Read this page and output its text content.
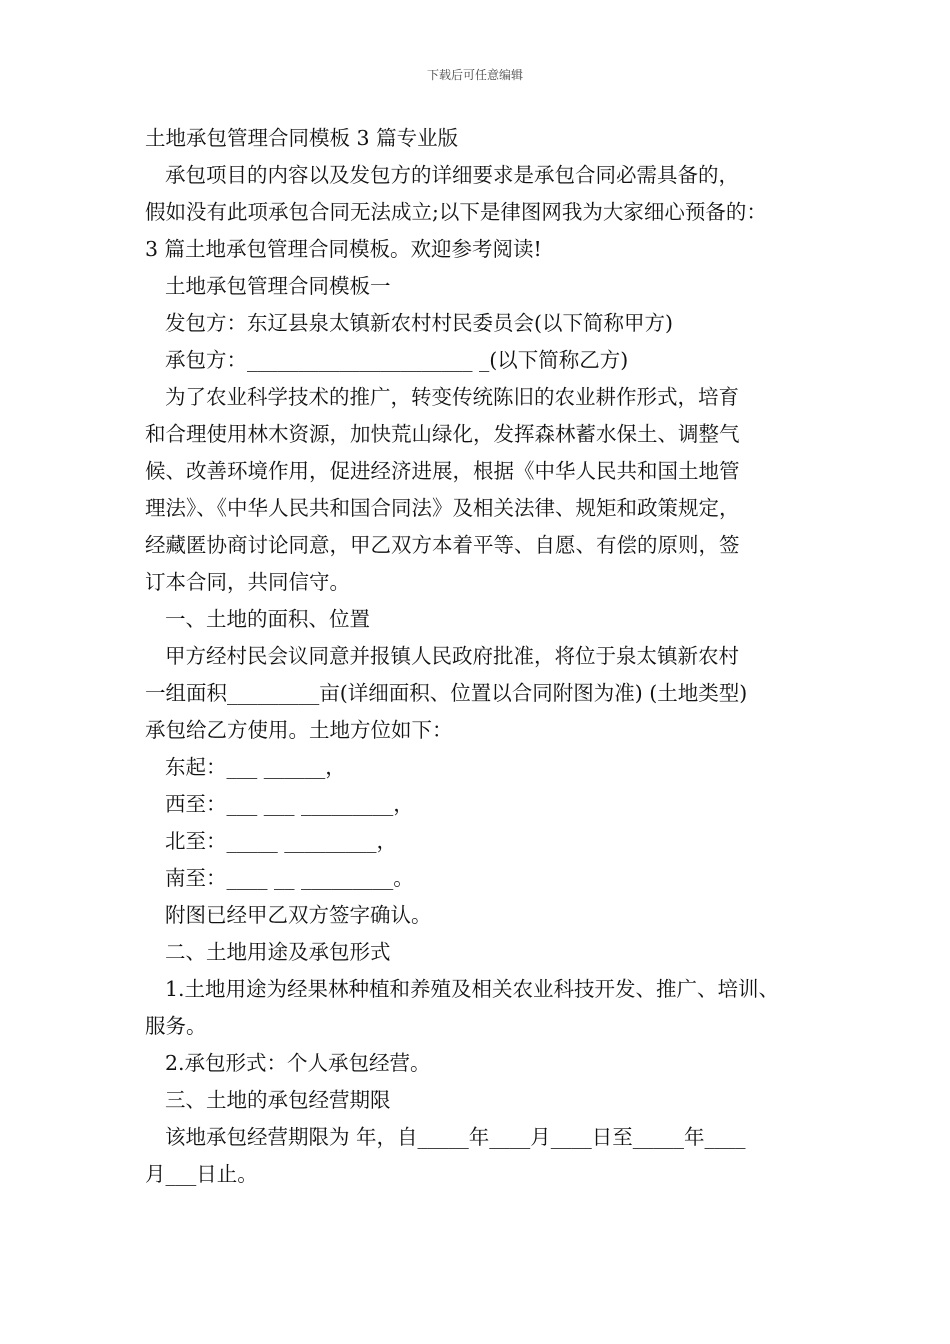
下载后可任意编辑

土地承包管理合同模板 3 篇专业版

承包项目的内容以及发包方的详细要求是承包合同必需具备的，

假如没有此项承包合同无法成立;以下是律图网我为大家细心预备的：

3 篇土地承包管理合同模板。欢迎参考阅读!

土地承包管理合同模板一

发包方：东辽县泉太镇新农村村民委员会(以下简称甲方)

承包方：______________________ _(以下简称乙方)

为了农业科学技术的推广，转变传统陈旧的农业耕作形式，培育

和合理使用林木资源，加快荒山绿化，发挥森林蓄水保土、调整气

候、改善环境作用，促进经济进展，根据《中华人民共和国土地管

理法》、《中华人民共和国合同法》及相关法律、规矩和政策规定，

经藏匿协商讨论同意，甲乙双方本着平等、自愿、有偿的原则，签

订本合同，共同信守。

一、土地的面积、位置

甲方经村民会议同意并报镇人民政府批准，将位于泉太镇新农村

一组面积_________亩(详细面积、位置以合同附图为准) (土地类型)

承包给乙方使用。土地方位如下：

东起：___ ______，

西至：___ ___ _________，

北至：_____ _________，

南至：____ __ _________。

附图已经甲乙双方签字确认。

二、土地用途及承包形式

1.土地用途为经果林种植和养殖及相关农业科技开发、推广、培训、

服务。

2.承包形式：个人承包经营。

三、土地的承包经营期限

该地承包经营期限为 年，自_____年____月____日至_____年____

月___日止。
